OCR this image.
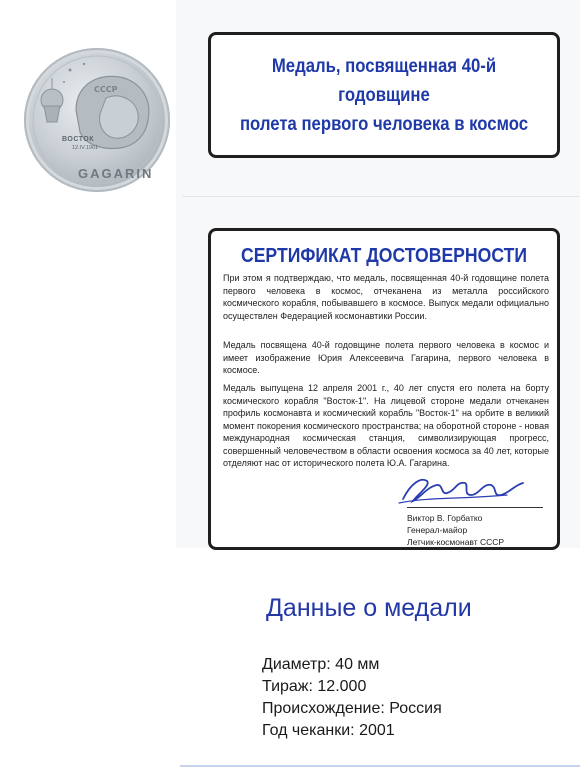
СССР
ВОСТОК
12.IV.1961
GAGARIN
Медаль, посвященная 40-й годовщине
полета первого человека в космос
СЕРТИФИКАТ ДОСТОВЕРНОСТИ
При этом я подтверждаю, что медаль, посвященная 40-й годовщине полета первого человека в космос, отчеканена из металла российского космического корабля, побывавшего в космосе. Выпуск медали официально осуществлен Федерацией космонавтики России.
Медаль посвящена 40-й годовщине полета первого человека в космос и имеет изображение Юрия Алексеевича Гагарина, первого человека в космосе.
Медаль выпущена 12 апреля 2001 г., 40 лет спустя его полета на борту космического корабля "Восток-1". На лицевой стороне медали отчеканен профиль космонавта и космический корабль "Восток-1" на орбите в великий момент покорения космического пространства; на оборотной стороне - новая международная космическая станция, символизирующая прогресс, совершенный человечеством в области освоения космоса за 40 лет, которые отделяют нас от исторического полета Ю.А. Гагарина.
Виктор В. Горбатко
Генерал-майор
Летчик-космонавт СССР
Данные о медали
Диаметр: 40 мм
Тираж: 12.000
Происхождение: Россия
Год чеканки: 2001
